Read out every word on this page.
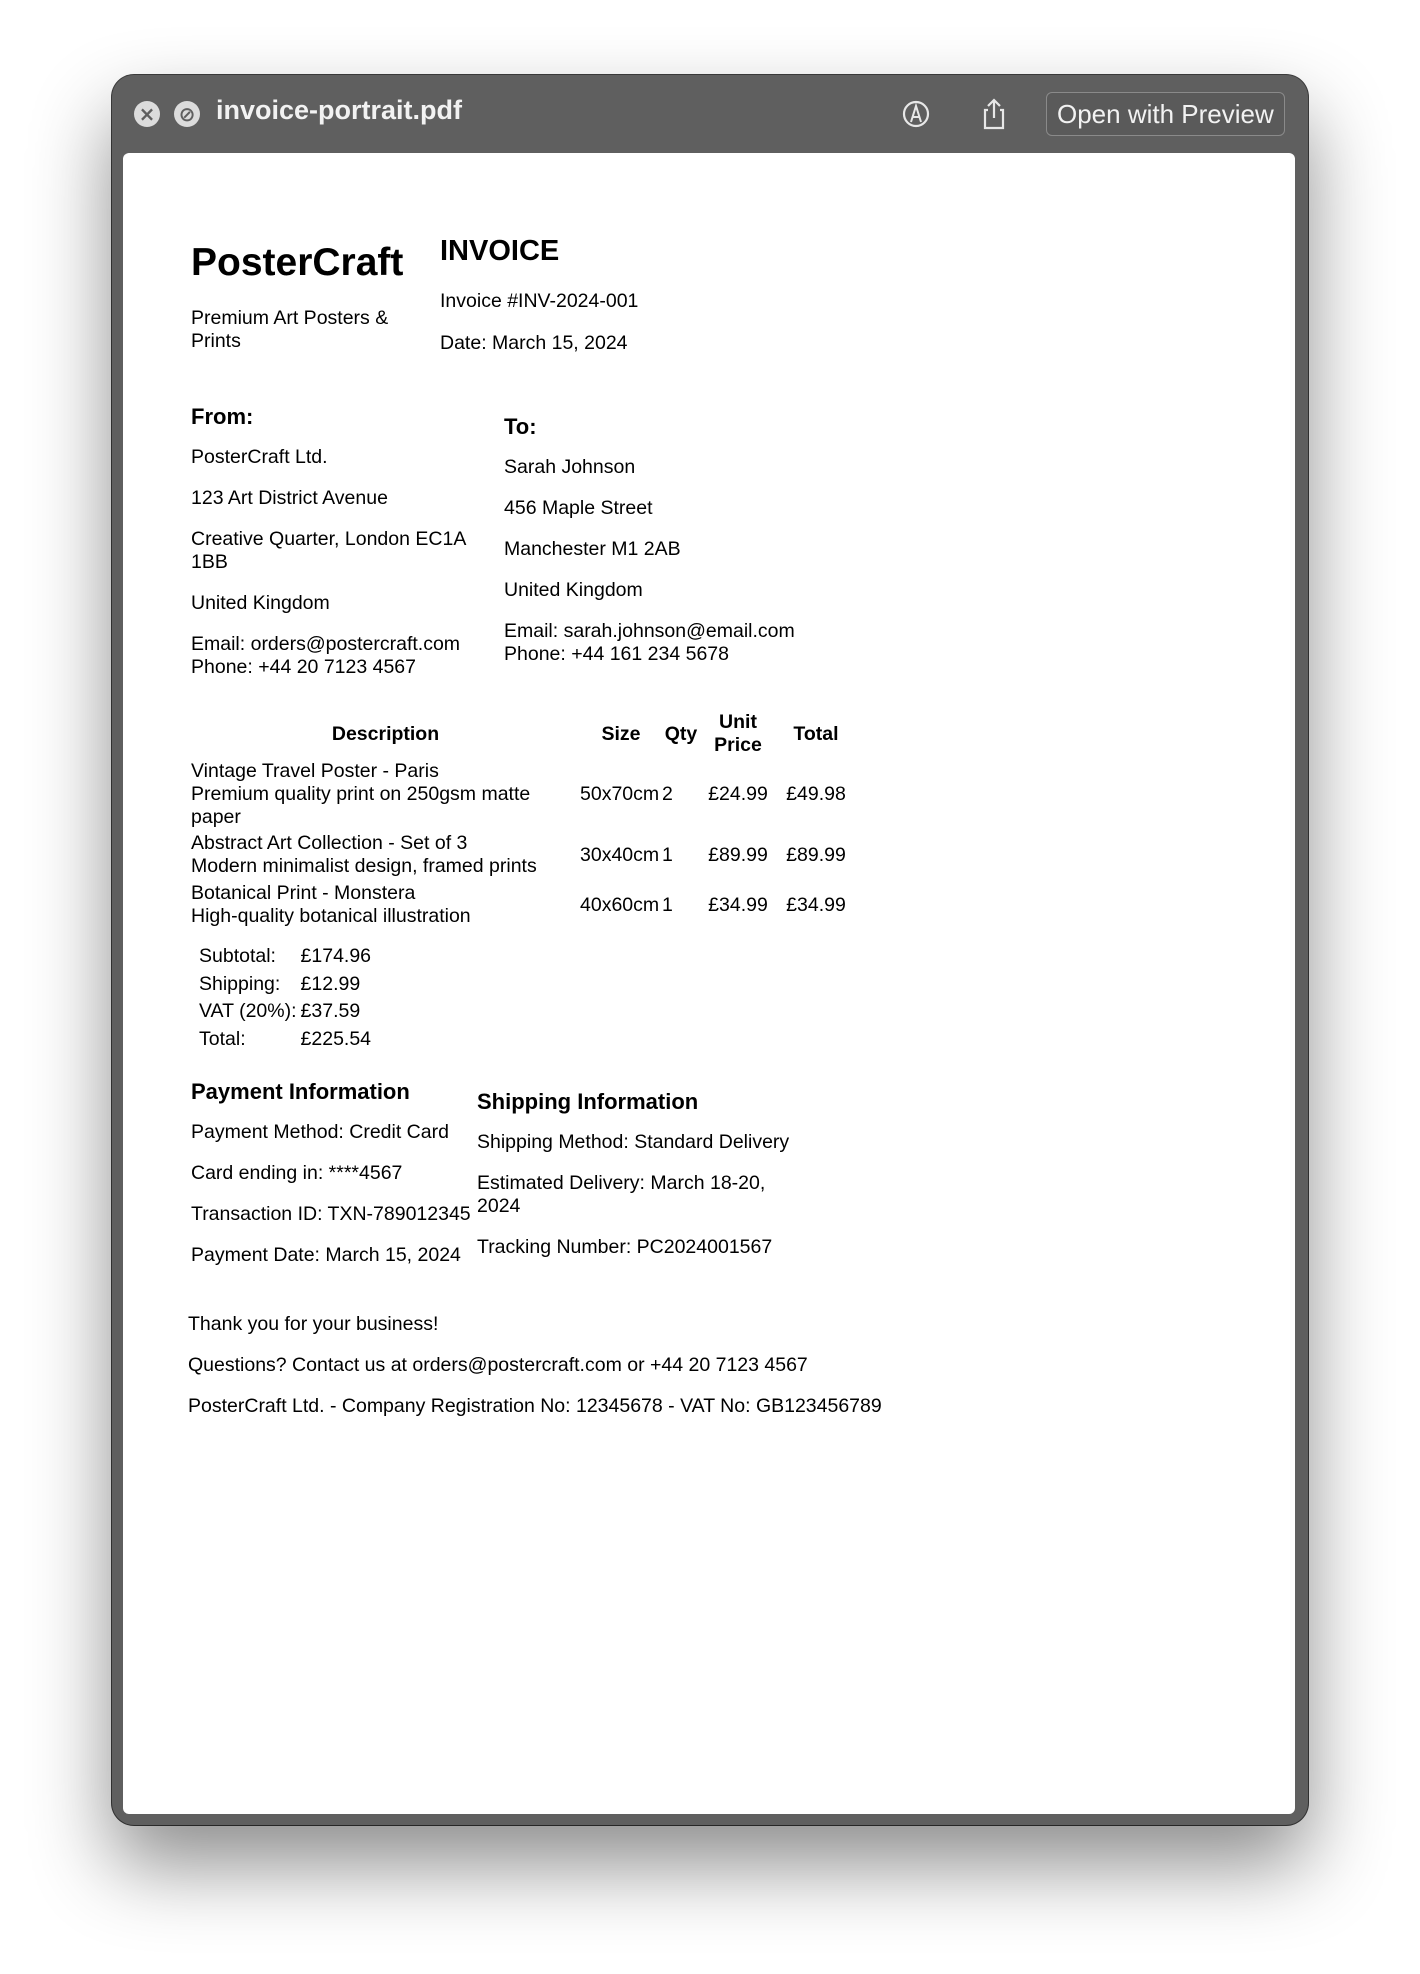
× ⊘ invoice-portrait.pdf	Open with Preview
PosterCraft
Premium Art Posters & Prints
INVOICE
Invoice #INV-2024-001
Date: March 15, 2024

From:

PosterCraft Ltd.

123 Art District Avenue

Creative Quarter, London EC1A 1BB

United Kingdom

Email: orders@postercraft.com
Phone: +44 20 7123 4567

To:

Sarah Johnson

456 Maple Street

Manchester M1 2AB

United Kingdom

Email: sarah.johnson@email.com
Phone: +44 161 234 5678
Description	Size	Qty	Unit Price	Total

Vintage Travel Poster - Paris
Premium quality print on 250gsm matte paper	50x70cm	2	£24.99	£49.98

Abstract Art Collection - Set of 3
Modern minimalist design, framed prints	30x40cm	1	£89.99	£89.99

Botanical Print - Monstera
High-quality botanical illustration	40x60cm	1	£34.99	£34.99
Subtotal:	£174.96
Shipping:	£12.99
VAT (20%):	£37.59
Total:	£225.54

Payment Information

Payment Method: Credit Card

Card ending in: ****4567

Transaction ID: TXN-789012345

Payment Date: March 15, 2024

Shipping Information

Shipping Method: Standard Delivery

Estimated Delivery: March 18-20, 2024

Tracking Number: PC2024001567

Thank you for your business!

Questions? Contact us at orders@postercraft.com or +44 20 7123 4567

PosterCraft Ltd. - Company Registration No: 12345678 - VAT No: GB123456789
